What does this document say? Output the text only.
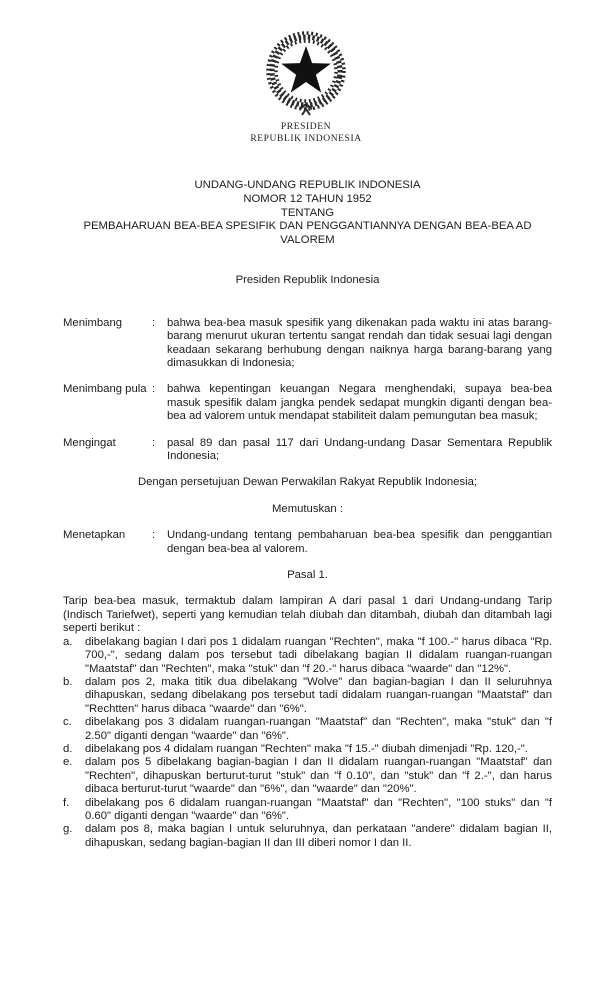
PRESIDEN
REPUBLIK INDONESIA
UNDANG-UNDANG REPUBLIK INDONESIA
NOMOR 12 TAHUN 1952
TENTANG
PEMBAHARUAN BEA-BEA SPESIFIK DAN PENGGANTIANNYA DENGAN BEA-BEA AD VALOREM
Presiden Republik Indonesia
Menimbang	:	bahwa bea-bea masuk spesifik yang dikenakan pada waktu ini atas barang-barang menurut ukuran tertentu sangat rendah dan tidak sesuai lagi dengan keadaan sekarang berhubung dengan naiknya harga barang-barang yang dimasukkan di Indonesia;
Menimbang pula :	bahwa kepentingan keuangan Negara menghendaki, supaya bea-bea masuk spesifik dalam jangka pendek sedapat mungkin diganti dengan bea-bea ad valorem untuk mendapat stabiliteit dalam pemungutan bea masuk;
Mengingat	:	pasal 89 dan pasal 117 dari Undang-undang Dasar Sementara Republik Indonesia;
Dengan persetujuan Dewan Perwakilan Rakyat Republik Indonesia;
Memutuskan :
Menetapkan	:	Undang-undang tentang pembaharuan bea-bea spesifik dan penggantian dengan bea-bea al valorem.
Pasal 1.
Tarip bea-bea masuk, termaktub dalam lampiran A dari pasal 1 dari Undang-undang Tarip (Indisch Tariefwet), seperti yang kemudian telah diubah dan ditambah, diubah dan ditambah lagi seperti berikut :
a.	dibelakang bagian I dari pos 1 didalam ruangan "Rechten", maka "f 100.-" harus dibaca "Rp. 700,-", sedang dalam pos tersebut tadi dibelakang bagian II didalam ruangan-ruangan "Maatstaf" dan "Rechten", maka "stuk" dan "f 20.-" harus dibaca "waarde" dan "12%".
b.	dalam pos 2, maka titik dua dibelakang "Wolve" dan bagian-bagian I dan II seluruhnya dihapuskan, sedang dibelakang pos tersebut tadi didalam ruangan-ruangan "Maatstaf" dan "Rechtten" harus dibaca "waarde" dan "6%".
c.	dibelakang pos 3 didalam ruangan-ruangan "Maatstaf" dan "Rechten", maka "stuk" dan "f 2.50" diganti dengan "waarde" dan "6%".
d.	dibelakang pos 4 didalam ruangan "Rechten" maka "f 15.-" diubah dimenjadi "Rp. 120,-".
e.	dalam pos 5 dibelakang bagian-bagian I dan II didalam ruangan-ruangan "Maatstaf" dan "Rechten", dihapuskan berturut-turut "stuk" dan "f 0.10", dan "stuk" dan "f 2.-", dan harus dibaca berturut-turut "waarde" dan "6%", dan "waarde" dan "20%".
f.	dibelakang pos 6 didalam ruangan-ruangan "Maatstaf" dan "Rechten", "100 stuks" dan "f 0.60" diganti dengan "waarde" dan "6%".
g.	dalam pos 8, maka bagian I untuk seluruhnya, dan perkataan "andere" didalam bagian II, dihapuskan, sedang bagian-bagian II dan III diberi nomor I dan II.
